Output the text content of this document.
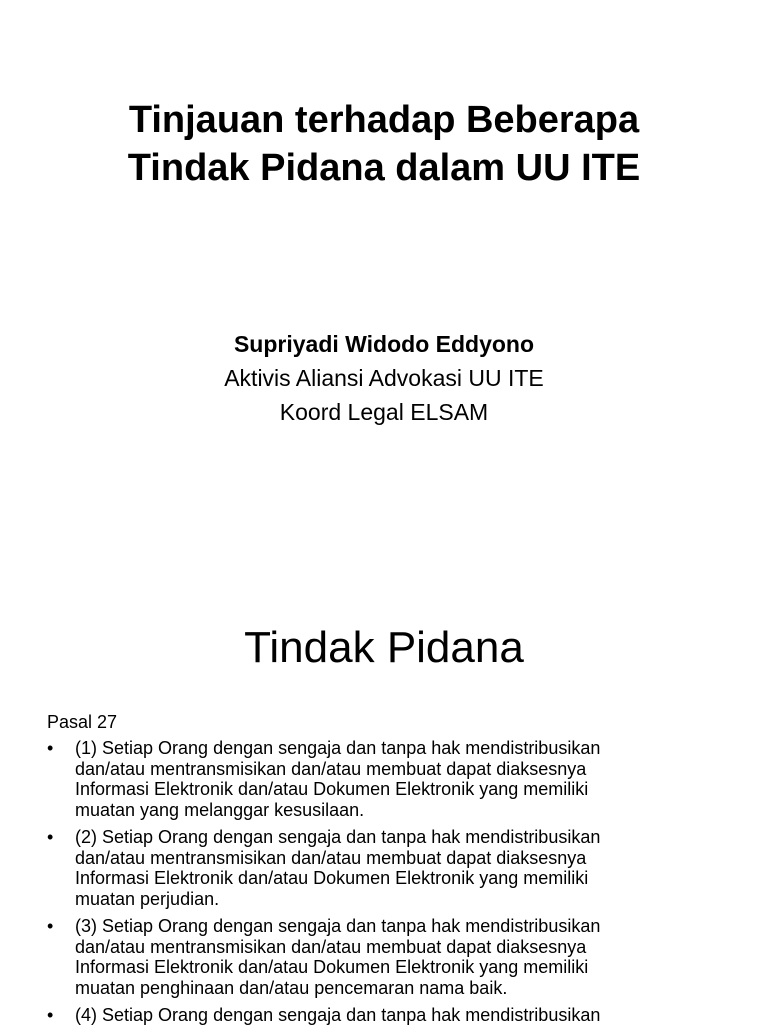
Tinjauan terhadap Beberapa
Tindak Pidana dalam UU ITE
Supriyadi Widodo Eddyono
Aktivis Aliansi Advokasi UU ITE
Koord Legal ELSAM
Tindak Pidana
Pasal 27
• (1) Setiap Orang dengan sengaja dan tanpa hak mendistribusikan
dan/atau mentransmisikan dan/atau membuat dapat diaksesnya
Informasi Elektronik dan/atau Dokumen Elektronik yang memiliki
muatan yang melanggar kesusilaan.
• (2) Setiap Orang dengan sengaja dan tanpa hak mendistribusikan
dan/atau mentransmisikan dan/atau membuat dapat diaksesnya
Informasi Elektronik dan/atau Dokumen Elektronik yang memiliki
muatan perjudian.
• (3) Setiap Orang dengan sengaja dan tanpa hak mendistribusikan
dan/atau mentransmisikan dan/atau membuat dapat diaksesnya
Informasi Elektronik dan/atau Dokumen Elektronik yang memiliki
muatan penghinaan dan/atau pencemaran nama baik.
• (4) Setiap Orang dengan sengaja dan tanpa hak mendistribusikan
